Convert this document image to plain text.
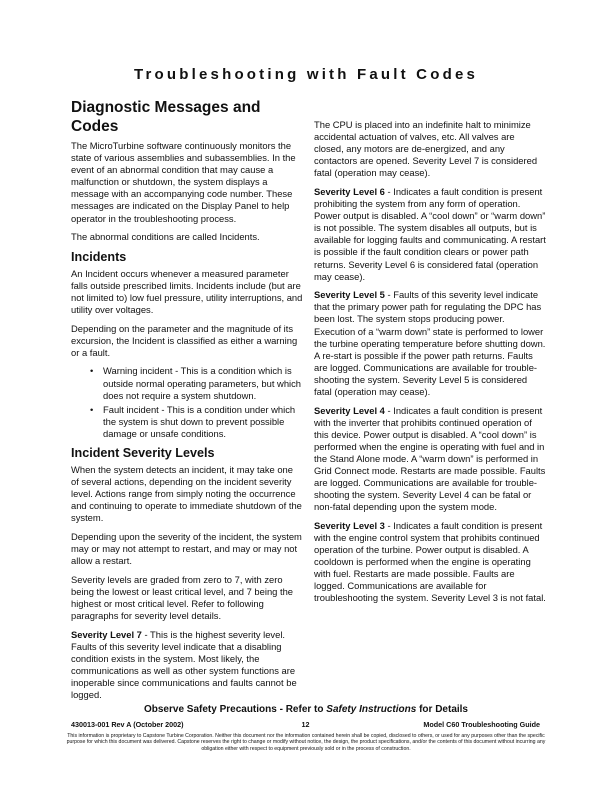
Troubleshooting with Fault Codes
Diagnostic Messages and Codes

The MicroTurbine software continuously monitors the state of various assemblies and subassemblies. In the event of an abnormal condition that may cause a malfunction or shutdown, the system displays a message with an accompanying code number. These messages are indicated on the Display Panel to help operator in the troubleshooting process.

The abnormal conditions are called Incidents.

Incidents

An Incident occurs whenever a measured parameter falls outside prescribed limits. Incidents include (but are not limited to) low fuel pressure, utility interruptions, and utility over voltages.

Depending on the parameter and the magnitude of its excursion, the Incident is classified as either a warning or a fault.

• Warning incident - This is a condition which is outside normal operating parameters, but which does not require a system shutdown.
• Fault incident - This is a condition under which the system is shut down to prevent possible damage or unsafe conditions.
Incident Severity Levels

When the system detects an incident, it may take one of several actions, depending on the incident severity level. Actions range from simply noting the occurrence and continuing to operate to immediate shutdown of the system.

Depending upon the severity of the incident, the system may or may not attempt to restart, and may or may not allow a restart.

Severity levels are graded from zero to 7, with zero being the lowest or least critical level, and 7 being the highest or most critical level. Refer to following paragraphs for severity level details.

Severity Level 7 - This is the highest severity level. Faults of this severity level indicate that a disabling condition exists in the system. Most likely, the communications as well as other system functions are inoperable since communications and faults cannot be logged.

The CPU is placed into an indefinite halt to minimize accidental actuation of valves, etc. All valves are closed, any motors are de-energized, and any contactors are opened. Severity Level 7 is considered fatal (operation may cease).

Severity Level 6 - Indicates a fault condition is present prohibiting the system from any form of operation. Power output is disabled. A “cool down” or “warm down” is not possible. The system disables all outputs, but is available for logging faults and communicating. A restart is possible if the fault condition clears or power path returns. Severity Level 6 is considered fatal (operation may cease).

Severity Level 5 - Faults of this severity level indicate that the primary power path for regulating the DPC has been lost. The system stops producing power. Execution of a “warm down” state is performed to lower the turbine operating temperature before shutting down. A re-start is possible if the power path returns. Faults are logged. Communications are available for trouble-shooting the system. Severity Level 5 is considered fatal (operation may cease).

Severity Level 4 - Indicates a fault condition is present with the inverter that prohibits continued operation of this device. Power output is disabled. A “cool down” is performed when the engine is operating with fuel and in the Stand Alone mode. A “warm down” is performed in Grid Connect mode. Restarts are made possible. Faults are logged. Communications are available for trouble-shooting the system. Severity Level 4 can be fatal or non-fatal depending upon the system mode.

Severity Level 3 - Indicates a fault condition is present with the engine control system that prohibits continued operation of the turbine. Power output is disabled. A cooldown is performed when the engine is operating with fuel. Restarts are made possible. Faults are logged. Communications are available for troubleshooting the system. Severity Level 3 is not fatal.

Observe Safety Precautions - Refer to Safety Instructions for Details
12
430013-001 Rev A (October 2002)	Model C60 Troubleshooting Guide

This information is proprietary to Capstone Turbine Corporation. Neither this document nor the information contained herein shall be copied, disclosed to others, or used for any purposes other than the specific purpose for which this document was delivered. Capstone reserves the right to change or modify without notice, the design, the product specifications, and/or the contents of this document without incurring any obligation either with respect to equipment previously sold or in the process of construction.
